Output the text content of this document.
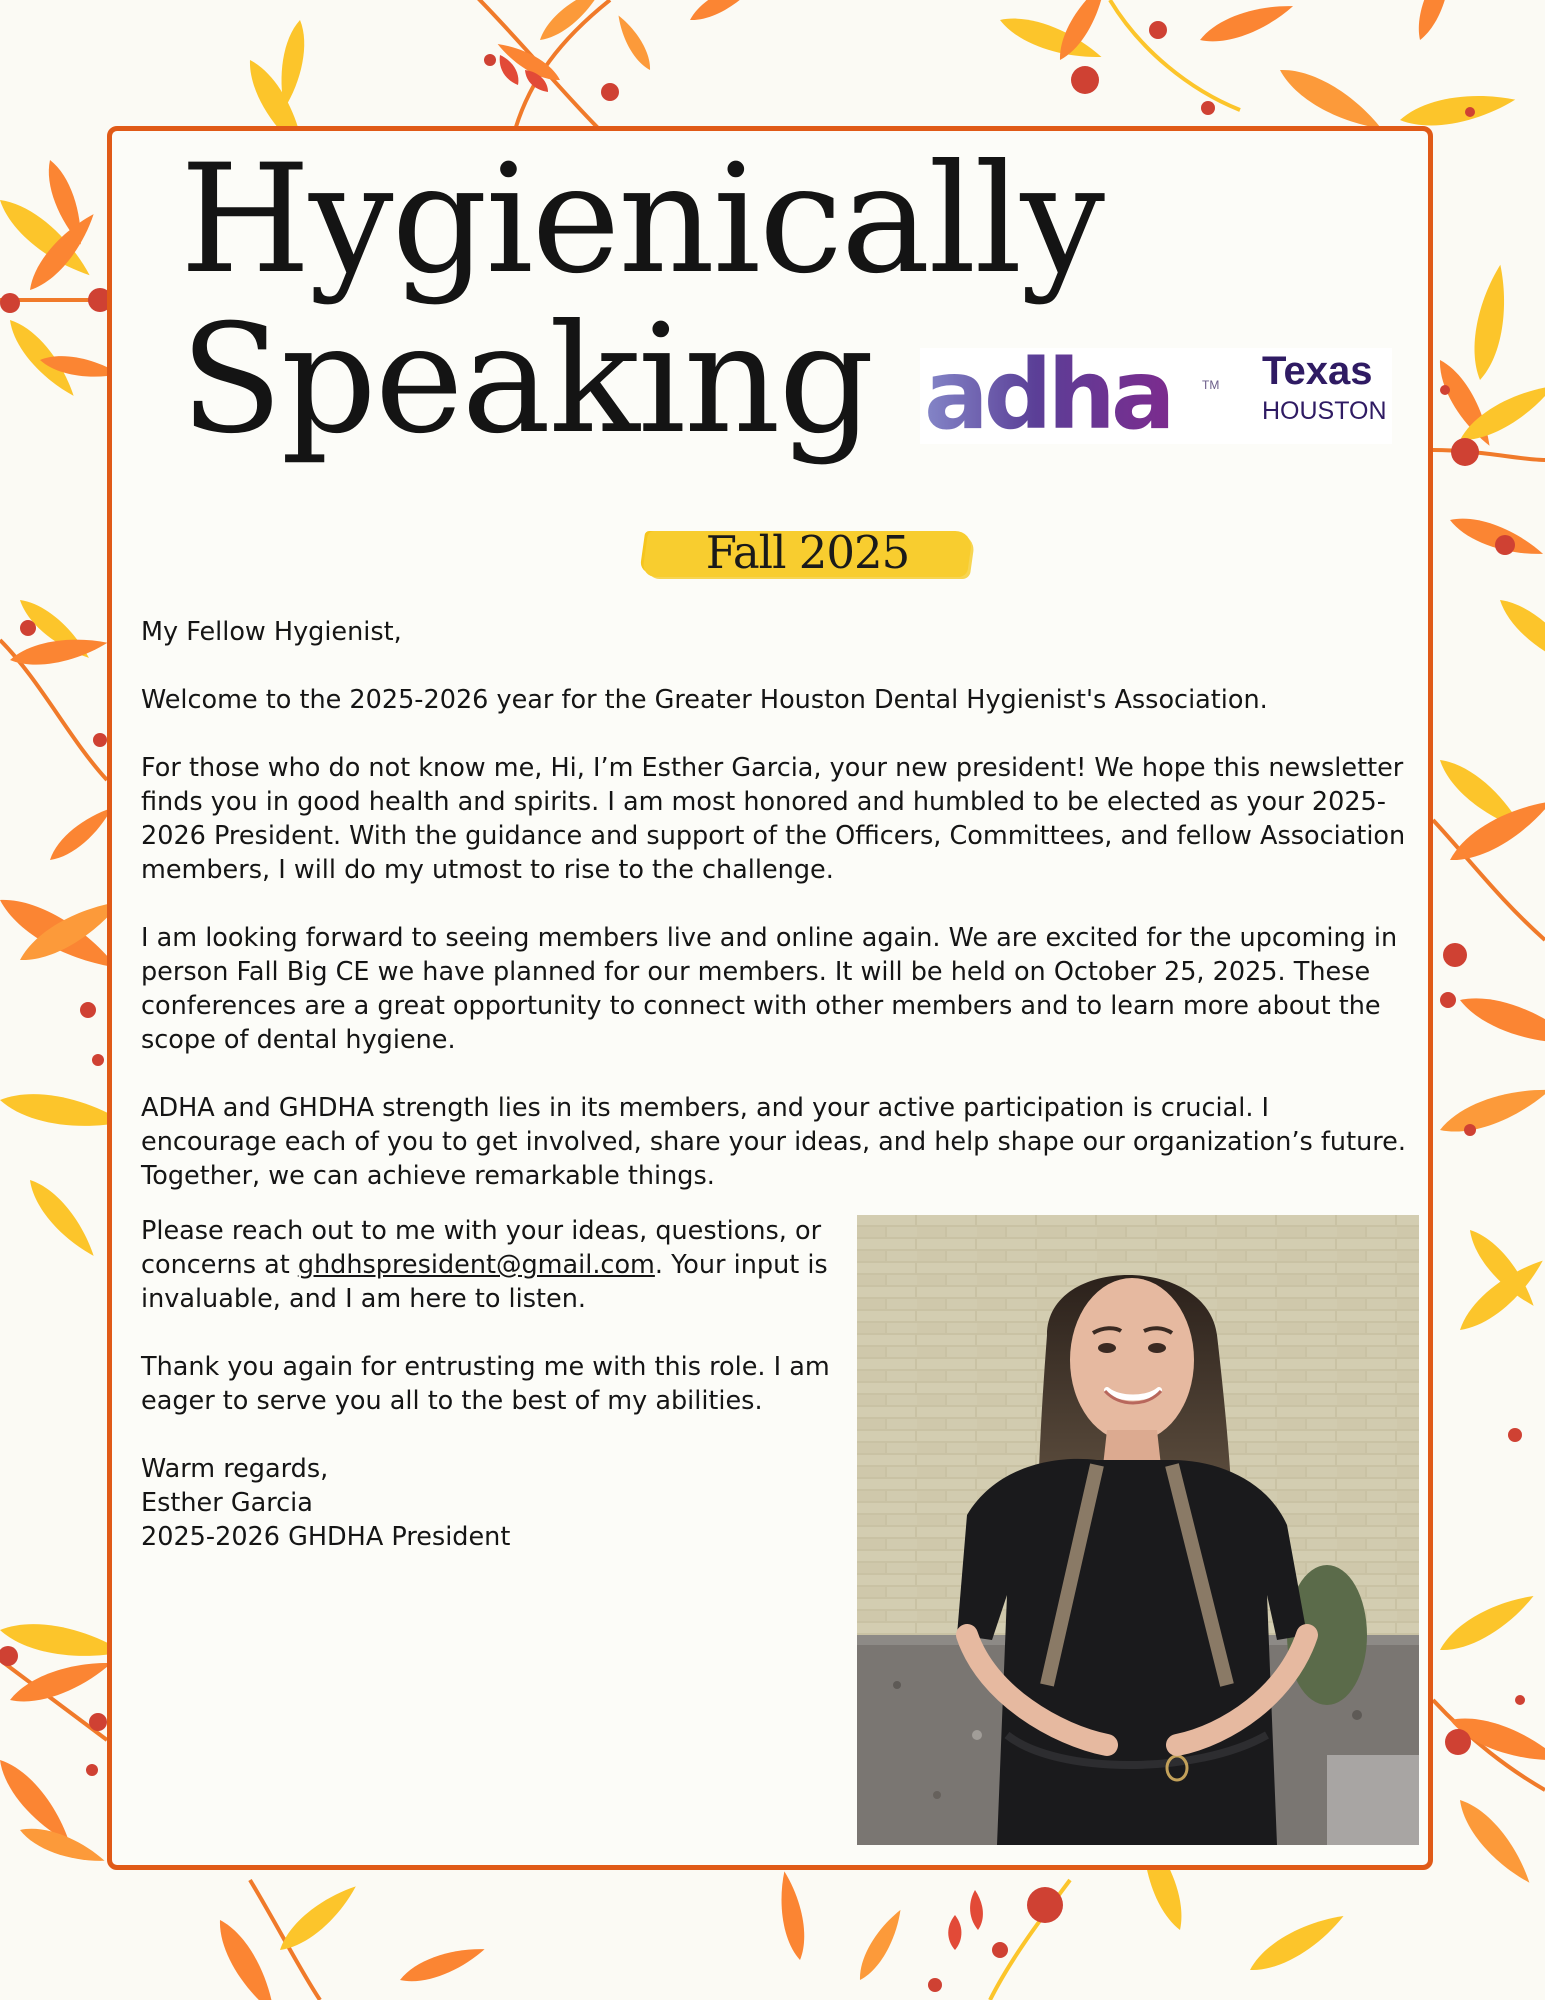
Hygienically
Speaking adha	TM Texas
HOUSTON
Fall 2025

My Fellow Hygienist,

Welcome to the 2025-2026 year for the Greater Houston Dental Hygienist's Association.

For those who do not know me, Hi, I’m Esther Garcia, your new president! We hope this newsletter finds you in good health and spirits. I am most honored and humbled to be elected as your 2025-2026 President. With the guidance and support of the Officers, Committees, and fellow Association members, I will do my utmost to rise to the challenge.

I am looking forward to seeing members live and online again. We are excited for the upcoming in person Fall Big CE we have planned for our members. It will be held on October 25, 2025. These conferences are a great opportunity to connect with other members and to learn more about the scope of dental hygiene.

ADHA and GHDHA strength lies in its members, and your active participation is crucial. I encourage each of you to get involved, share your ideas, and help shape our organization’s future. Together, we can achieve remarkable things.

Please reach out to me with your ideas, questions, or concerns at ghdhspresident@gmail.com. Your input is invaluable, and I am here to listen.

Thank you again for entrusting me with this role. I am eager to serve you all to the best of my abilities.

Warm regards,
Esther Garcia
2025-2026 GHDHA President
